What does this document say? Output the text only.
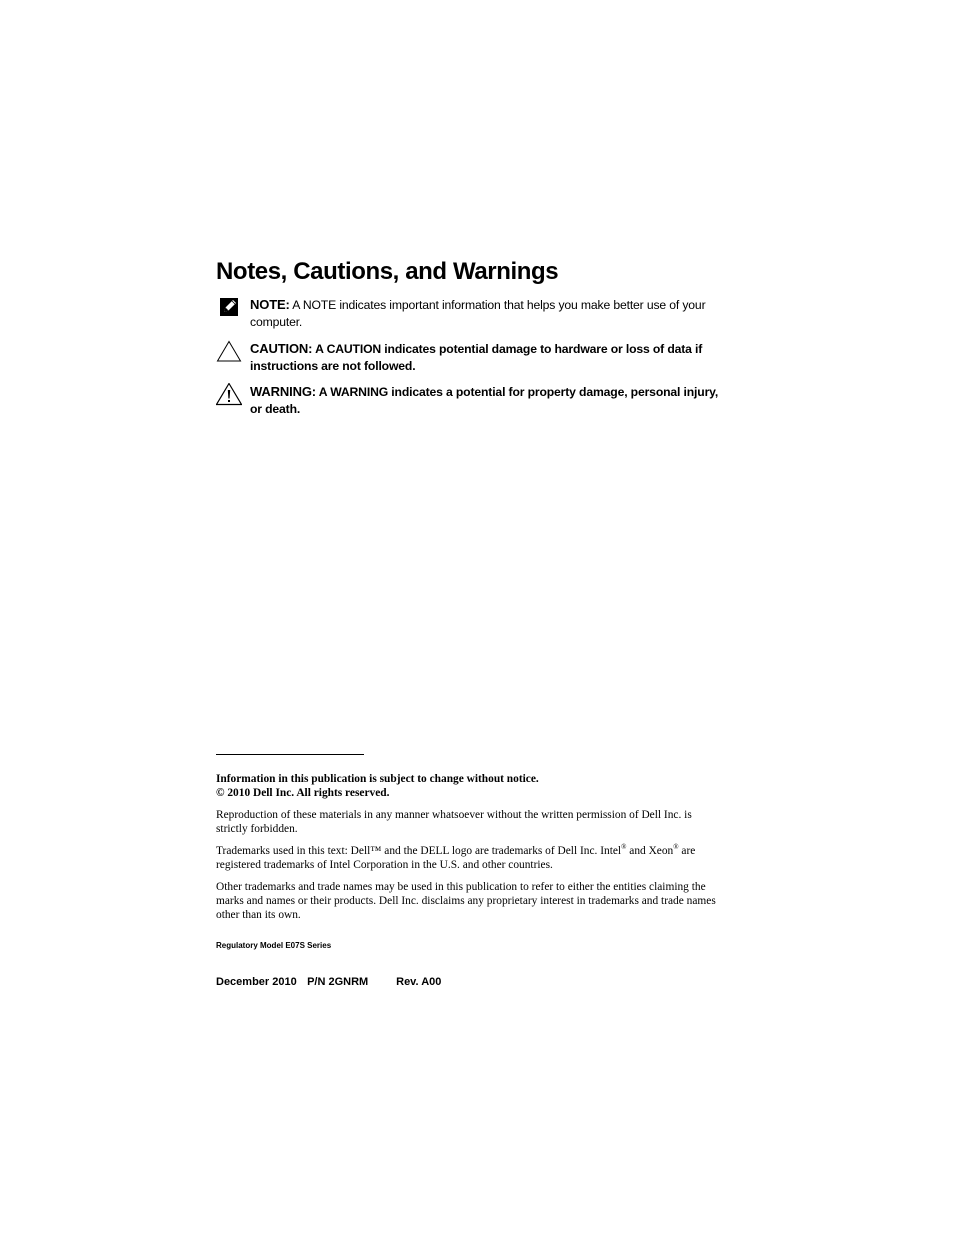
Notes, Cautions, and Warnings
NOTE: A NOTE indicates important information that helps you make better use of your computer.
CAUTION: A CAUTION indicates potential damage to hardware or loss of data if instructions are not followed.
WARNING: A WARNING indicates a potential for property damage, personal injury, or death.

Information in this publication is subject to change without notice.
© 2010 Dell Inc. All rights reserved.

Reproduction of these materials in any manner whatsoever without the written permission of Dell Inc. is strictly forbidden.

Trademarks used in this text: Dell™ and the DELL logo are trademarks of Dell Inc. Intel® and Xeon® are registered trademarks of Intel Corporation in the U.S. and other countries.

Other trademarks and trade names may be used in this publication to refer to either the entities claiming the marks and names or their products. Dell Inc. disclaims any proprietary interest in trademarks and trade names other than its own.

Regulatory Model E07S Series
December 2010 P/N 2GNRM	Rev. A00
